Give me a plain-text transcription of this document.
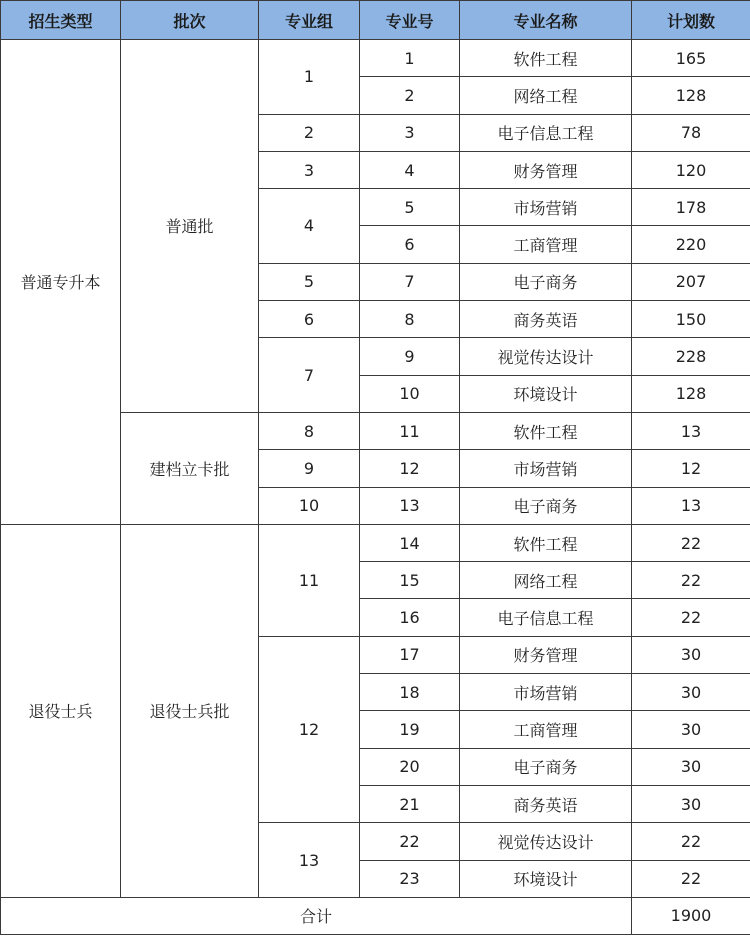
招生类型	批次	专业组	专业号	专业名称	计划数
普通专升本	普通批	1	1	软件工程	165
			2	网络工程	128
		2	3	电子信息工程	78
		3	4	财务管理	120
		4	5	市场营销	178
			6	工商管理	220
		5	7	电子商务	207
		6	8	商务英语	150
		7	9	视觉传达设计	228
			10	环境设计	128
	建档立卡批	8	11	软件工程	13
		9	12	市场营销	12
		10	13	电子商务	13
退役士兵	退役士兵批	11	14	软件工程	22
			15	网络工程	22
			16	电子信息工程	22
		12	17	财务管理	30
			18	市场营销	30
			19	工商管理	30
			20	电子商务	30
			21	商务英语	30
		13	22	视觉传达设计	22
			23	环境设计	22
合计					1900
